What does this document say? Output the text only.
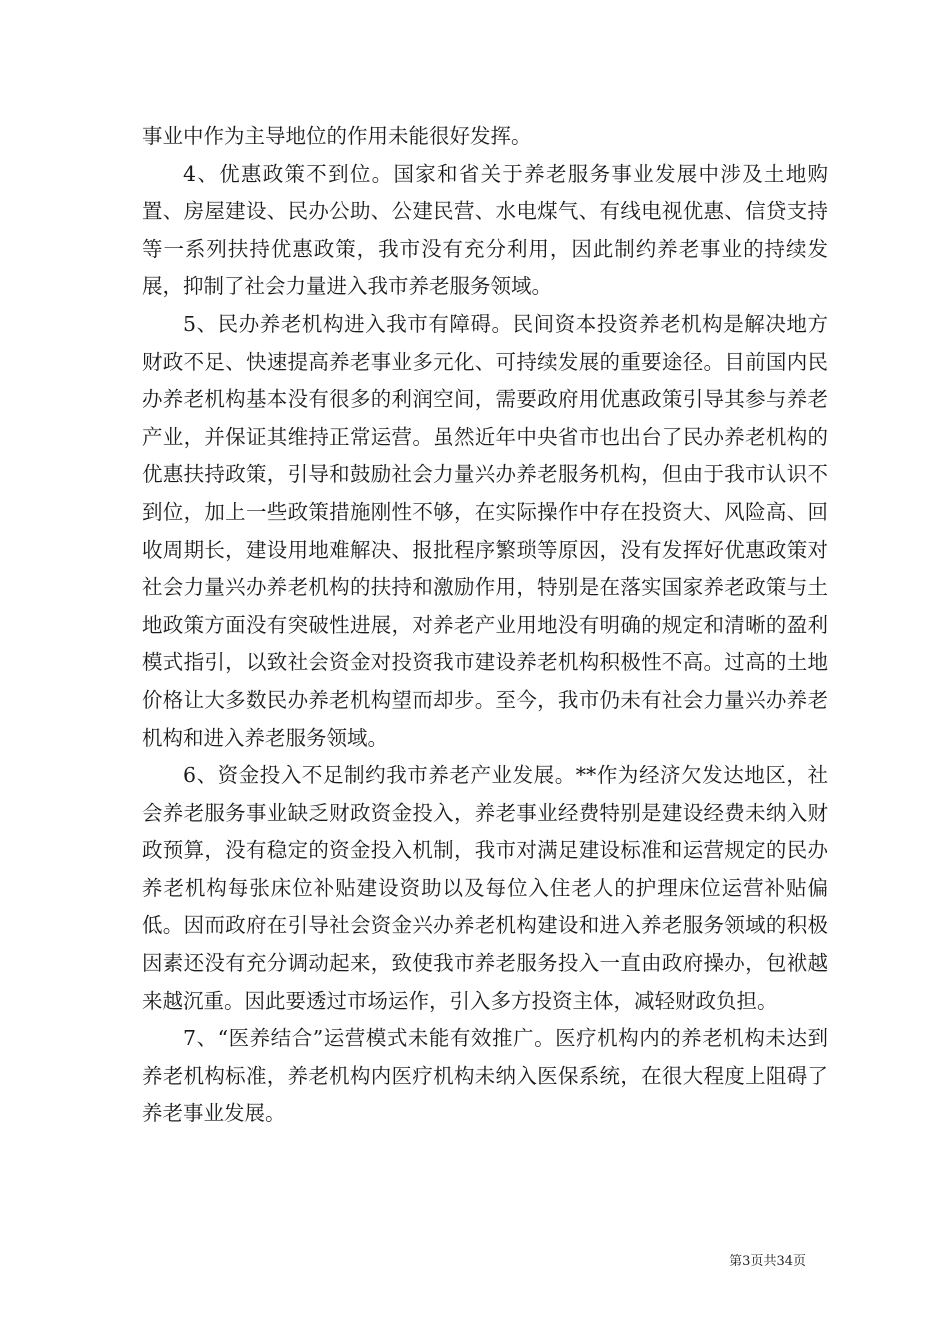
事业中作为主导地位的作用未能很好发挥。

4、优惠政策不到位。国家和省关于养老服务事业发展中涉及土地购置、房屋建设、民办公助、公建民营、水电煤气、有线电视优惠、信贷支持等一系列扶持优惠政策，我市没有充分利用，因此制约养老事业的持续发展，抑制了社会力量进入我市养老服务领域。

5、民办养老机构进入我市有障碍。民间资本投资养老机构是解决地方财政不足、快速提高养老事业多元化、可持续发展的重要途径。目前国内民办养老机构基本没有很多的利润空间，需要政府用优惠政策引导其参与养老产业，并保证其维持正常运营。虽然近年中央省市也出台了民办养老机构的优惠扶持政策，引导和鼓励社会力量兴办养老服务机构，但由于我市认识不到位，加上一些政策措施刚性不够，在实际操作中存在投资大、风险高、回收周期长，建设用地难解决、报批程序繁琐等原因，没有发挥好优惠政策对社会力量兴办养老机构的扶持和激励作用，特别是在落实国家养老政策与土地政策方面没有突破性进展，对养老产业用地没有明确的规定和清晰的盈利模式指引，以致社会资金对投资我市建设养老机构积极性不高。过高的土地价格让大多数民办养老机构望而却步。至今，我市仍未有社会力量兴办养老机构和进入养老服务领域。

6、资金投入不足制约我市养老产业发展。**作为经济欠发达地区，社会养老服务事业缺乏财政资金投入，养老事业经费特别是建设经费未纳入财政预算，没有稳定的资金投入机制，我市对满足建设标准和运营规定的民办养老机构每张床位补贴建设资助以及每位入住老人的护理床位运营补贴偏低。因而政府在引导社会资金兴办养老机构建设和进入养老服务领域的积极因素还没有充分调动起来，致使我市养老服务投入一直由政府操办，包袱越来越沉重。因此要透过市场运作，引入多方投资主体，减轻财政负担。

7、“医养结合”运营模式未能有效推广。医疗机构内的养老机构未达到养老机构标准，养老机构内医疗机构未纳入医保系统，在很大程度上阻碍了养老事业发展。

第3页共34页
